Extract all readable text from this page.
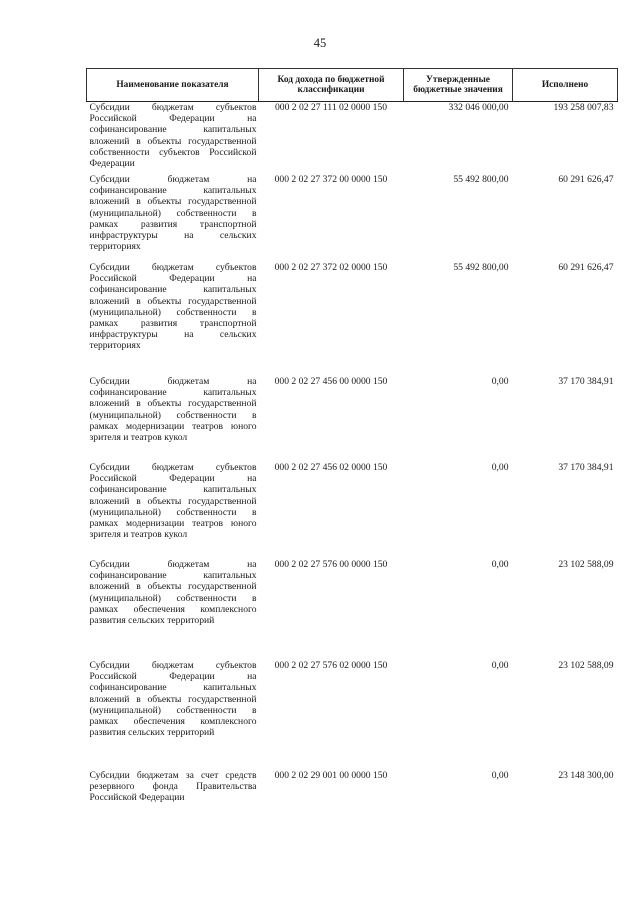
45
Наименование показателя	Код дохода по бюджетной классификации	Утвержденные бюджетные значения	Исполнено
Субсидии бюджетам субъектов Российской Федерации на софинансирование капитальных вложений в объекты государственной собственности субъектов Российской Федерации	000 2 02 27 111 02 0000 150	332 046 000,00	193 258 007,83
Субсидии бюджетам на софинансирование капитальных вложений в объекты государственной (муниципальной) собственности в рамках развития транспортной инфраструктуры на сельских территориях	000 2 02 27 372 00 0000 150	55 492 800,00	60 291 626,47
Субсидии бюджетам субъектов Российской Федерации на софинансирование капитальных вложений в объекты государственной (муниципальной) собственности в рамках развития транспортной инфраструктуры на сельских территориях	000 2 02 27 372 02 0000 150	55 492 800,00	60 291 626,47
Субсидии бюджетам на софинансирование капитальных вложений в объекты государственной (муниципальной) собственности в рамках модернизации театров юного зрителя и театров кукол	000 2 02 27 456 00 0000 150	0,00	37 170 384,91
Субсидии бюджетам субъектов Российской Федерации на софинансирование капитальных вложений в объекты государственной (муниципальной) собственности в рамках модернизации театров юного зрителя и театров кукол	000 2 02 27 456 02 0000 150	0,00	37 170 384,91
Субсидии бюджетам на софинансирование капитальных вложений в объекты государственной (муниципальной) собственности в рамках обеспечения комплексного развития сельских территорий	000 2 02 27 576 00 0000 150	0,00	23 102 588,09
Субсидии бюджетам субъектов Российской Федерации на софинансирование капитальных вложений в объекты государственной (муниципальной) собственности в рамках обеспечения комплексного развития сельских территорий	000 2 02 27 576 02 0000 150	0,00	23 102 588,09
Субсидии бюджетам за счет средств резервного фонда Правительства Российской Федерации	000 2 02 29 001 00 0000 150	0,00	23 148 300,00
